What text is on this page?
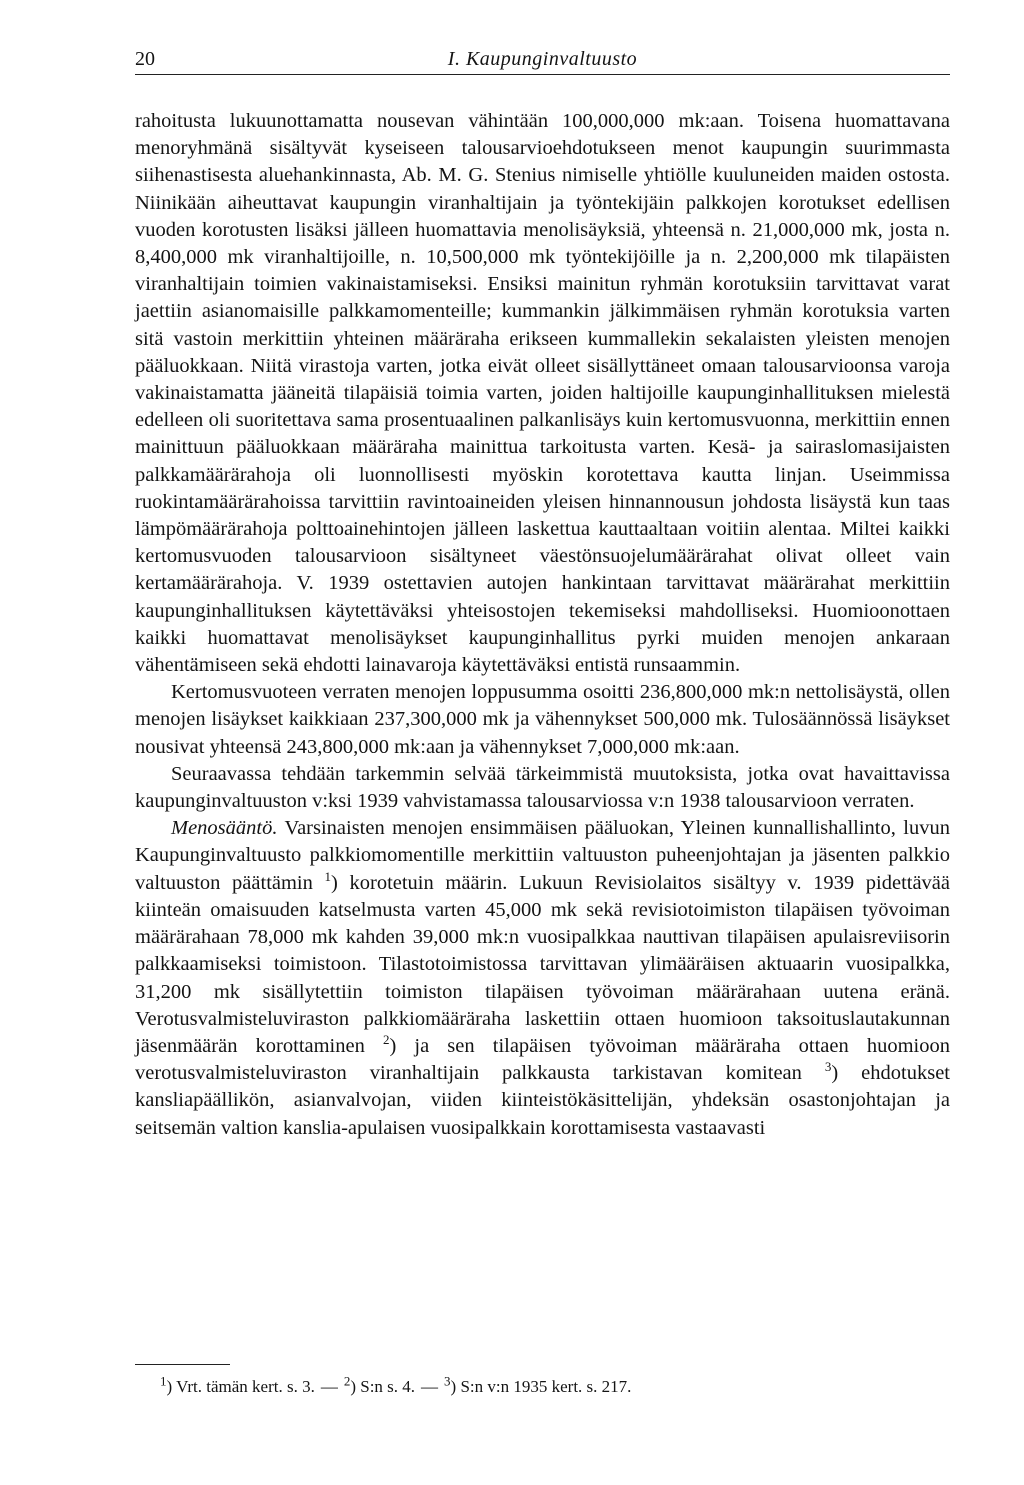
20	I. Kaupunginvaltuusto

rahoitusta lukuunottamatta nousevan vähintään 100,000,000 mk:aan. Toisena huomattavana menoryhmänä sisältyvät kyseiseen talousarvioehdotukseen menot kaupungin suurimmasta siihenastisesta aluehankinnasta, Ab. M. G. Stenius nimiselle yhtiölle kuuluneiden maiden ostosta. Niinikään aiheuttavat kaupungin viranhaltijain ja työntekijäin palkkojen korotukset edellisen vuoden korotusten lisäksi jälleen huomattavia menolisäyksiä, yhteensä n. 21,000,000 mk, josta n. 8,400,000 mk viranhaltijoille, n. 10,500,000 mk työntekijöille ja n. 2,200,000 mk tilapäisten viranhaltijain toimien vakinaistamiseksi. Ensiksi mainitun ryhmän korotuksiin tarvittavat varat jaettiin asianomaisille palkkamomenteille; kummankin jälkimmäisen ryhmän korotuksia varten sitä vastoin merkittiin yhteinen määräraha erikseen kummallekin sekalaisten yleisten menojen pääluokkaan. Niitä virastoja varten, jotka eivät olleet sisällyttäneet omaan talousarvioonsa varoja vakinaistamatta jääneitä tilapäisiä toimia varten, joiden haltijoille kaupunginhallituksen mielestä edelleen oli suoritettava sama prosentuaalinen palkanlisäys kuin kertomusvuonna, merkittiin ennen mainittuun pääluokkaan määräraha mainittua tarkoitusta varten. Kesä- ja sairaslomasijaisten palkkamäärärahoja oli luonnollisesti myöskin korotettava kautta linjan. Useimmissa ruokintamäärärahoissa tarvittiin ravintoaineiden yleisen hinnannousun johdosta lisäystä kun taas lämpömäärärahoja polttoainehintojen jälleen laskettua kauttaaltaan voitiin alentaa. Miltei kaikki kertomusvuoden talousarvioon sisältyneet väestönsuojelumäärärahat olivat olleet vain kertamäärärahoja. V. 1939 ostettavien autojen hankintaan tarvittavat määrärahat merkittiin kaupunginhallituksen käytettäväksi yhteisostojen tekemiseksi mahdolliseksi. Huomioonottaen kaikki huomattavat menolisäykset kaupunginhallitus pyrki muiden menojen ankaraan vähentämiseen sekä ehdotti lainavaroja käytettäväksi entistä runsaammin.

Kertomusvuoteen verraten menojen loppusumma osoitti 236,800,000 mk:n nettolisäystä, ollen menojen lisäykset kaikkiaan 237,300,000 mk ja vähennykset 500,000 mk. Tulosäännössä lisäykset nousivat yhteensä 243,800,000 mk:aan ja vähennykset 7,000,000 mk:aan.

Seuraavassa tehdään tarkemmin selvää tärkeimmistä muutoksista, jotka ovat havaittavissa kaupunginvaltuuston v:ksi 1939 vahvistamassa talousarviossa v:n 1938 talousarvioon verraten.

Menosääntö. Varsinaisten menojen ensimmäisen pääluokan, Yleinen kunnallishallinto, luvun Kaupunginvaltuusto palkkiomomentille merkittiin valtuuston puheenjohtajan ja jäsenten palkkio valtuuston päättämin $^1$) korotetuin määrin. Lukuun Revisiolaitos sisältyy v. 1939 pidettävää kiinteän omaisuuden katselmusta varten 45,000 mk sekä revisiotoimiston tilapäisen työvoiman määrärahaan 78,000 mk kahden 39,000 mk:n vuosipalkkaa nauttivan tilapäisen apulaisreviisorin palkkaamiseksi toimistoon. Tilastotoimistossa tarvittavan ylimääräisen aktuaarin vuosipalkka, 31,200 mk sisällytettiin toimiston tilapäisen työvoiman määrärahaan uutena eränä. Verotusvalmisteluviraston palkkiomääräraha laskettiin ottaen huomioon taksoituslautakunnan jäsenmäärän korottaminen $^2$) ja sen tilapäisen työvoiman määräraha ottaen huomioon verotusvalmisteluviraston viranhaltijain palkkausta tarkistavan komitean $^3$) ehdotukset kansliapäällikön, asianvalvojan, viiden kiinteistökäsittelijän, yhdeksän osastonjohtajan ja seitsemän valtion kanslia-apulaisen vuosipalkkain korottamisesta vastaavasti

$^1$) Vrt. tämän kert. s. 3. — $^2$) S:n s. 4. — $^3$) S:n v:n 1935 kert. s. 217.
